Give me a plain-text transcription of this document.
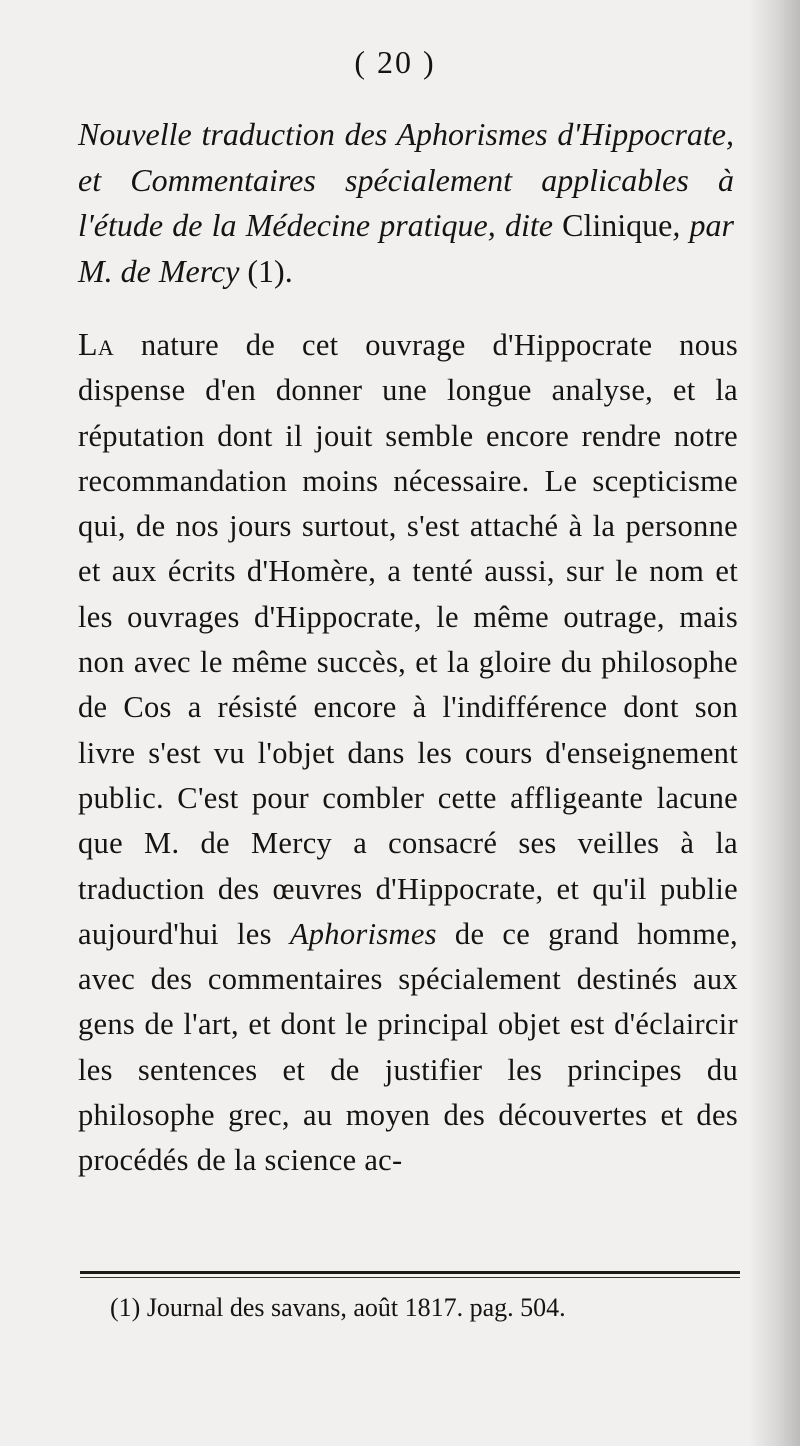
( 20 )
Nouvelle traduction des Aphorismes d'Hippocrate, et Commentaires spécialement applicables à l'étude de la Médecine pratique, dite Clinique, par M. de Mercy (1).
La nature de cet ouvrage d'Hippocrate nous dispense d'en donner une longue analyse, et la réputation dont il jouit semble encore rendre notre recommandation moins nécessaire. Le scepticisme qui, de nos jours surtout, s'est attaché à la personne et aux écrits d'Homère, a tenté aussi, sur le nom et les ouvrages d'Hippocrate, le même outrage, mais non avec le même succès, et la gloire du philosophe de Cos a résisté encore à l'indifférence dont son livre s'est vu l'objet dans les cours d'enseignement public. C'est pour combler cette affligeante lacune que M. de Mercy a consacré ses veilles à la traduction des œuvres d'Hippocrate, et qu'il publie aujourd'hui les Aphorismes de ce grand homme, avec des commentaires spécialement destinés aux gens de l'art, et dont le principal objet est d'éclaircir les sentences et de justifier les principes du philosophe grec, au moyen des découvertes et des procédés de la science ac-
(1) Journal des savans, août 1817. pag. 504.
